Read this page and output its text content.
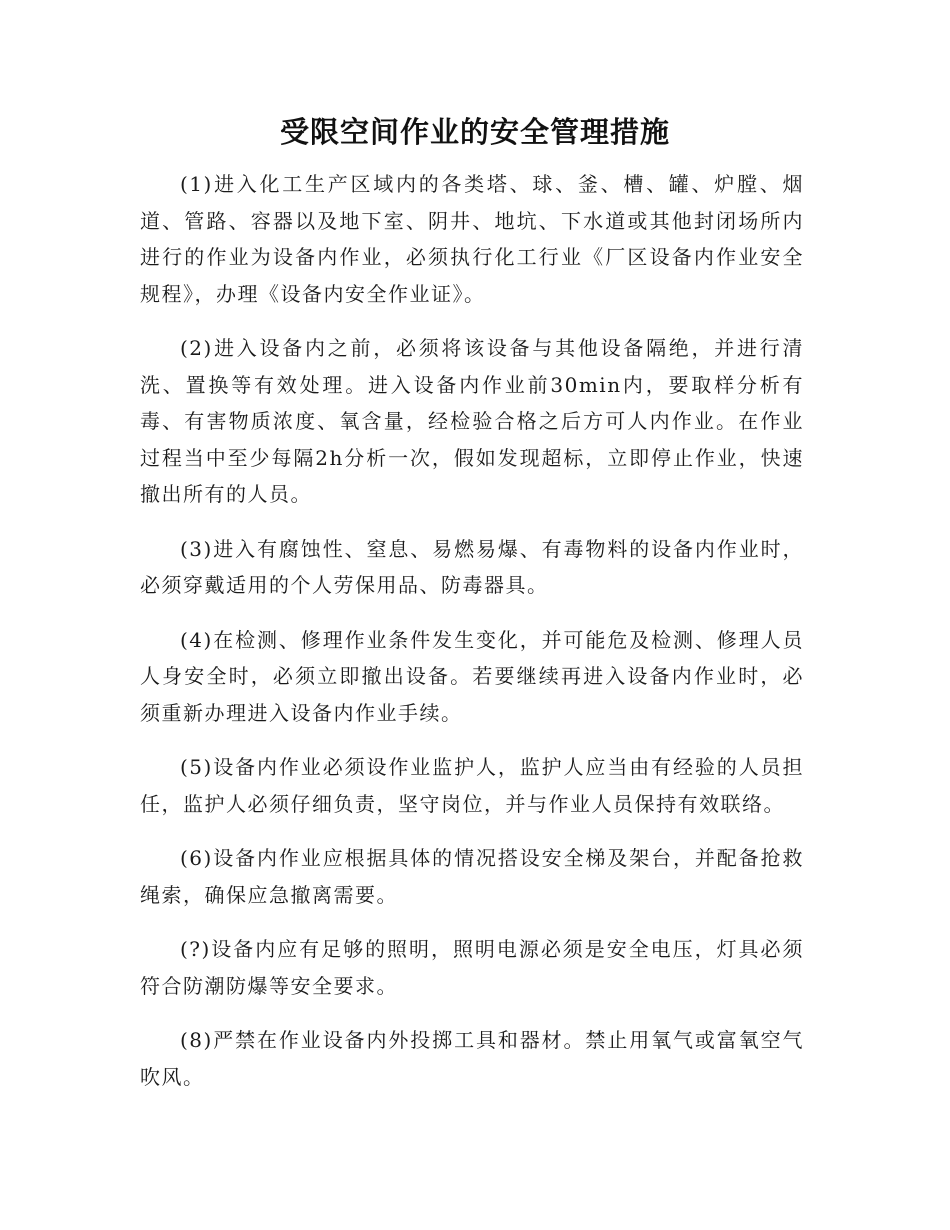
受限空间作业的安全管理措施

(1)进入化工生产区域内的各类塔、球、釜、槽、罐、炉膛、烟道、管路、容器以及地下室、阴井、地坑、下水道或其他封闭场所内进行的作业为设备内作业，必须执行化工行业《厂区设备内作业安全规程》，办理《设备内安全作业证》。

(2)进入设备内之前，必须将该设备与其他设备隔绝，并进行清洗、置换等有效处理。进入设备内作业前30min内，要取样分析有毒、有害物质浓度、氧含量，经检验合格之后方可人内作业。在作业过程当中至少每隔2h分析一次，假如发现超标，立即停止作业，快速撤出所有的人员。

(3)进入有腐蚀性、窒息、易燃易爆、有毒物料的设备内作业时，必须穿戴适用的个人劳保用品、防毒器具。

(4)在检测、修理作业条件发生变化，并可能危及检测、修理人员人身安全时，必须立即撤出设备。若要继续再进入设备内作业时，必须重新办理进入设备内作业手续。

(5)设备内作业必须设作业监护人，监护人应当由有经验的人员担任，监护人必须仔细负责，坚守岗位，并与作业人员保持有效联络。

(6)设备内作业应根据具体的情况搭设安全梯及架台，并配备抢救绳索，确保应急撤离需要。

(?)设备内应有足够的照明，照明电源必须是安全电压，灯具必须符合防潮防爆等安全要求。

(8)严禁在作业设备内外投掷工具和器材。禁止用氧气或富氧空气吹风。
